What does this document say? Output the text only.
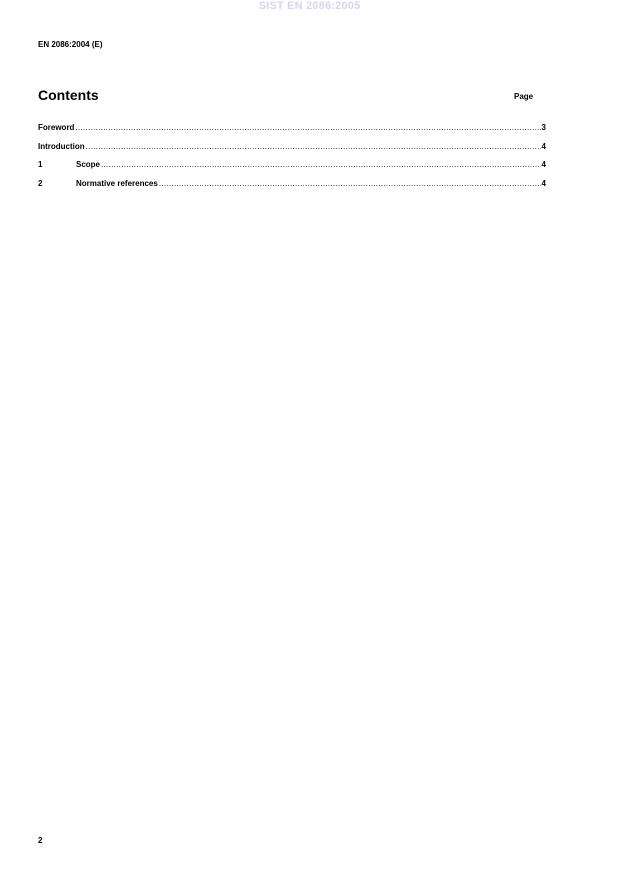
SIST EN 2086:2005
EN 2086:2004 (E)
Contents	Page
Foreword .....	3
Introduction .....	4
1	Scope .....	4
2	Normative references .....	4
2
